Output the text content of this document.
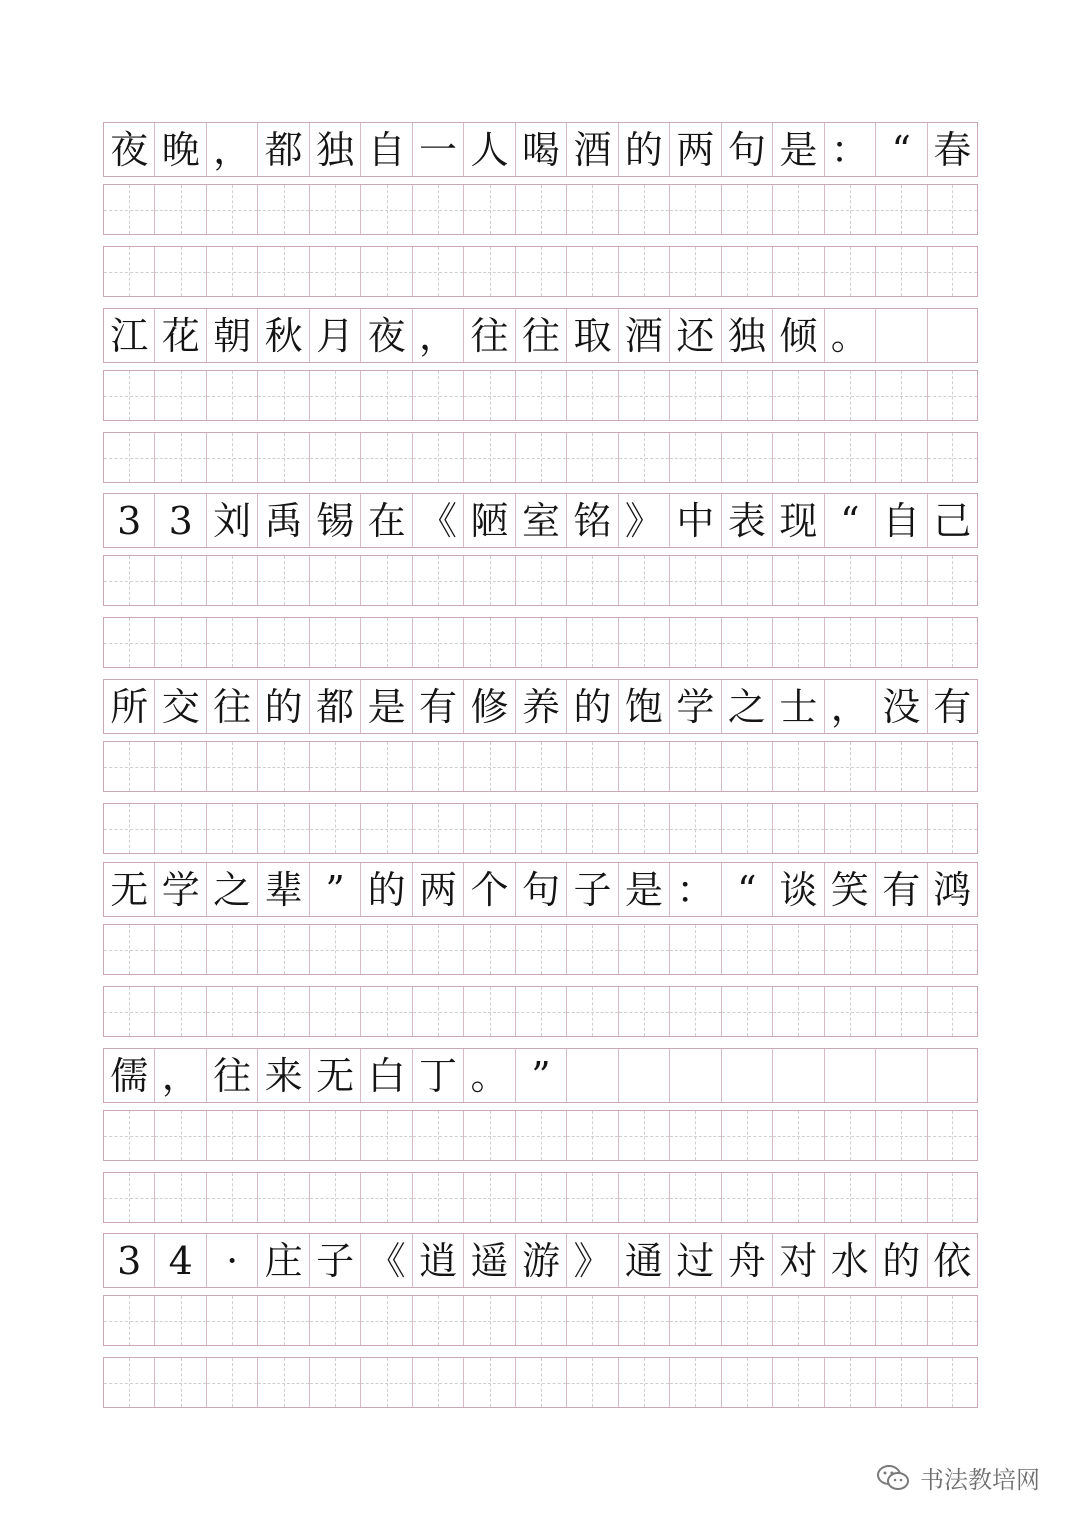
夜 晚 ， 都 独 自 一 人 喝 酒 的 两 句 是 ： “ 春
江 花 朝 秋 月 夜 ， 往 往 取 酒 还 独 倾 。
3 3 刘 禹 锡 在 《 陋 室 铭 》 中 表 现 “ 自 己
所 交 往 的 都 是 有 修 养 的 饱 学 之 士 ， 没 有
无 学 之 辈 ” 的 两 个 句 子 是 ： “ 谈 笑 有 鸿
儒 ， 往 来 无 白 丁 。 ”
3 4 · 庄 子 《 逍 遥 游 》 通 过 舟 对 水 的 依
书法教培网
